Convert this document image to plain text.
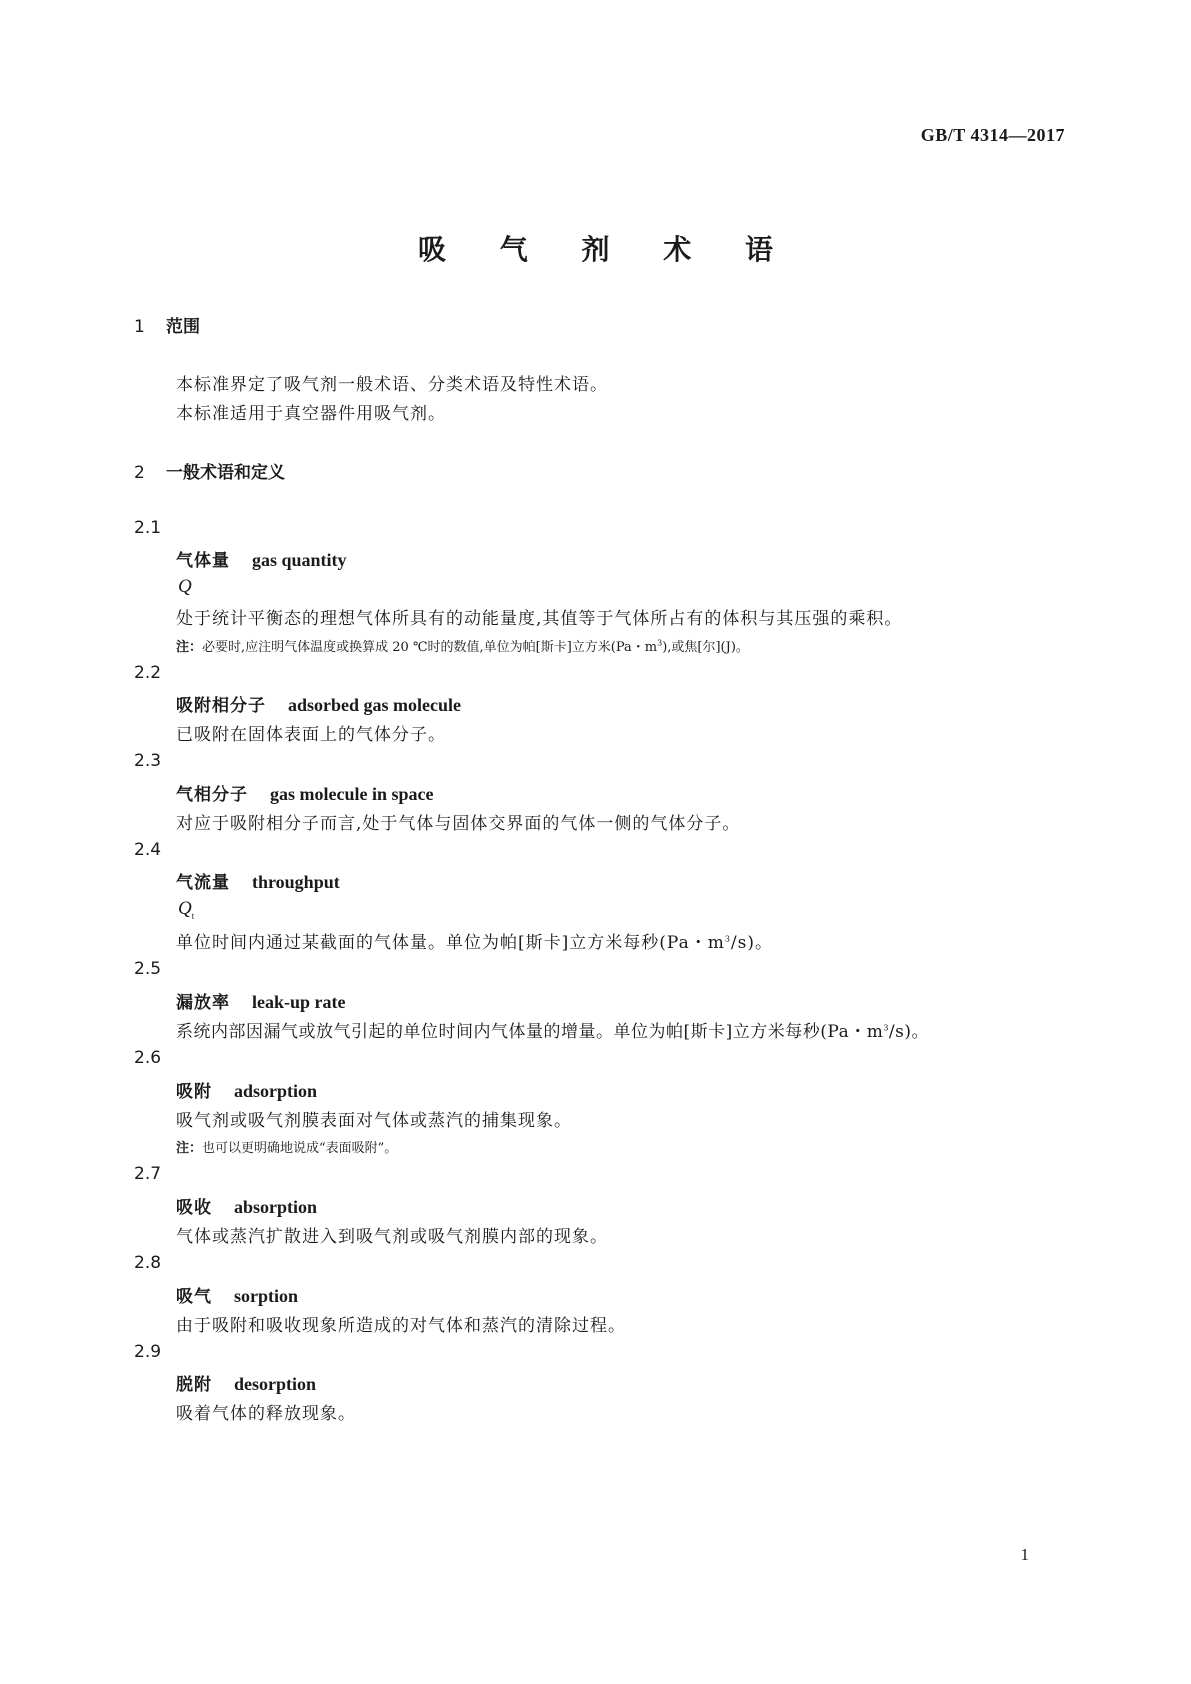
GB/T 4314—2017
吸 气 剂 术 语
1 范围
本标准界定了吸气剂一般术语、分类术语及特性术语。
本标准适用于真空器件用吸气剂。
2 一般术语和定义
2.1
气体量 gas quantity
Q
处于统计平衡态的理想气体所具有的动能量度,其值等于气体所占有的体积与其压强的乘积。
注：必要时,应注明气体温度或换算成 20 ℃时的数值,单位为帕[斯卡]立方米(Pa・$m^3$),或焦[尔](J)。
2.2
吸附相分子 adsorbed gas molecule
已吸附在固体表面上的气体分子。
2.3
气相分子 gas molecule in space
对应于吸附相分子而言,处于气体与固体交界面的气体一侧的气体分子。
2.4
气流量 throughput
$Q_t$
单位时间内通过某截面的气体量。单位为帕[斯卡]立方米每秒(Pa・$m^3/s$)。
2.5
漏放率 leak-up rate
系统内部因漏气或放气引起的单位时间内气体量的增量。单位为帕[斯卡]立方米每秒(Pa・$m^3/s$)。
2.6
吸附 adsorption
吸气剂或吸气剂膜表面对气体或蒸汽的捕集现象。
注：也可以更明确地说成“表面吸附”。
2.7
吸收 absorption
气体或蒸汽扩散进入到吸气剂或吸气剂膜内部的现象。
2.8
吸气 sorption
由于吸附和吸收现象所造成的对气体和蒸汽的清除过程。
2.9
脱附 desorption
吸着气体的释放现象。
1
